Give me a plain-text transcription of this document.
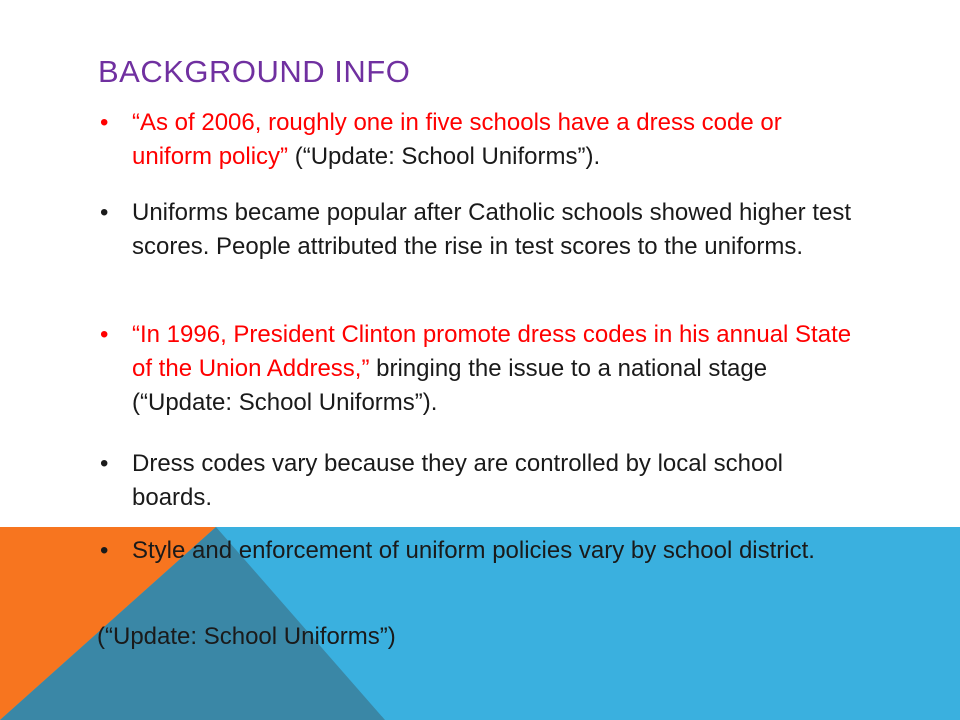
BACKGROUND INFO
• “As of 2006, roughly one in five schools have a dress code or uniform policy” (“Update: School Uniforms”).
• Uniforms became popular after Catholic schools showed higher test scores. People attributed the rise in test scores to the uniforms.
• “In 1996, President Clinton promote dress codes in his annual State of the Union Address,” bringing the issue to a national stage (“Update: School Uniforms”).
• Dress codes vary because they are controlled by local school boards.
• Style and enforcement of uniform policies vary by school district.
(“Update: School Uniforms”)
